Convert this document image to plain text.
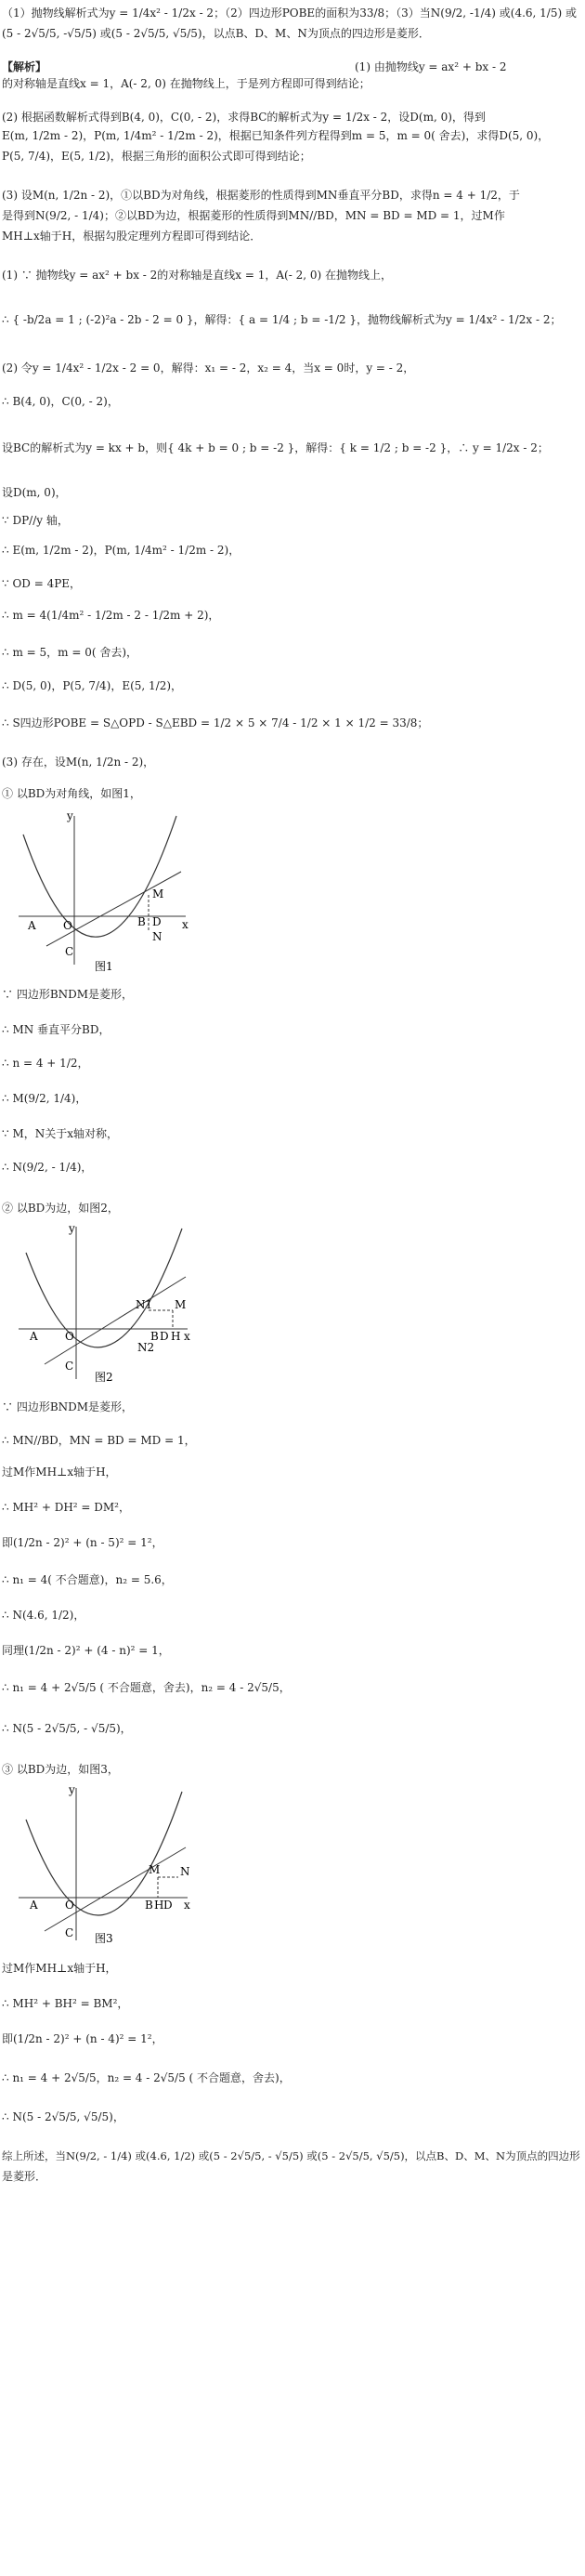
（1）抛物线解析式为y = 1/4x² - 1/2x - 2；（2）四边形POBE的面积为33/8；（3）当N(9/2, -1/4) 或(4.6, 1/5) 或
(5 - 2√5/5, -√5/5) 或(5 - 2√5/5, √5/5)，以点B、D、M、N为顶点的四边形是菱形．
【解析】	(1) 由抛物线y = ax² + bx - 2
的对称轴是直线x = 1，A(- 2, 0) 在抛物线上，于是列方程即可得到结论；
(2) 根据函数解析式得到B(4, 0)，C(0, - 2)，求得BC的解析式为y = 1/2x - 2，设D(m, 0)，得到
E(m, 1/2m - 2)，P(m, 1/4m² - 1/2m - 2)，根据已知条件列方程得到m = 5，m = 0( 舍去)，求得D(5, 0)，
P(5, 7/4)，E(5, 1/2)，根据三角形的面积公式即可得到结论；
(3) 设M(n, 1/2n - 2)，①以BD为对角线，根据菱形的性质得到MN垂直平分BD，求得n = 4 + 1/2，于
是得到N(9/2, - 1/4)；②以BD为边，根据菱形的性质得到MN//BD，MN = BD = MD = 1，过M作
MH⊥x轴于H，根据勾股定理列方程即可得到结论．
(1) ∵ 抛物线y = ax² + bx - 2的对称轴是直线x = 1，A(- 2, 0) 在抛物线上，
∴ { -b/2a = 1 ; (-2)²a - 2b - 2 = 0 }，解得：{ a = 1/4 ; b = -1/2 }，抛物线解析式为y = 1/4x² - 1/2x - 2；
(2) 令y = 1/4x² - 1/2x - 2 = 0，解得：x₁ = - 2，x₂ = 4，当x = 0时，y = - 2，
∴ B(4, 0)，C(0, - 2)，
设BC的解析式为y = kx + b，则{ 4k + b = 0 ; b = -2 }，解得：{ k = 1/2 ; b = -2 }，∴ y = 1/2x - 2；
设D(m, 0)，
∵ DP//y 轴，
∴ E(m, 1/2m - 2)，P(m, 1/4m² - 1/2m - 2)，
∵ OD = 4PE，
∴ m = 4(1/4m² - 1/2m - 2 - 1/2m + 2)，
∴ m = 5，m = 0( 舍去)，
∴ D(5, 0)，P(5, 7/4)，E(5, 1/2)，
∴ S四边形POBE = S△OPD - S△EBD = 1/2 × 5 × 7/4 - 1/2 × 1 × 1/2 = 33/8；
(3) 存在，设M(n, 1/2n - 2)，
① 以BD为对角线，如图1，
y
x
A O	B D
C
M
N
图1
∵ 四边形BNDM是菱形，
∴ MN 垂直平分BD，
∴ n = 4 + 1/2，
∴ M(9/2, 1/4)，
∵ M，N关于x轴对称，
∴ N(9/2, - 1/4)，
② 以BD为边，如图2，
y
x
A O	B D H
C
M
N1
N2
图2
∵ 四边形BNDM是菱形，
∴ MN//BD，MN = BD = MD = 1，
过M作MH⊥x轴于H，
∴ MH² + DH² = DM²，
即(1/2n - 2)² + (n - 5)² = 1²，
∴ n₁ = 4( 不合题意)，n₂ = 5.6，
∴ N(4.6, 1/2)，
同理(1/2n - 2)² + (4 - n)² = 1，
∴ n₁ = 4 + 2√5/5 ( 不合题意，舍去)，n₂ = 4 - 2√5/5，
∴ N(5 - 2√5/5, - √5/5)，
③ 以BD为边，如图3，
y
x
A O	B H D
C
M N
图3
过M作MH⊥x轴于H，
∴ MH² + BH² = BM²，
即(1/2n - 2)² + (n - 4)² = 1²，
∴ n₁ = 4 + 2√5/5，n₂ = 4 - 2√5/5 ( 不合题意，舍去)，
∴ N(5 - 2√5/5, √5/5)，
综上所述，当N(9/2, - 1/4) 或(4.6, 1/2) 或(5 - 2√5/5, - √5/5) 或(5 - 2√5/5, √5/5)，以点B、D、M、N为顶点的四边形
是菱形．
